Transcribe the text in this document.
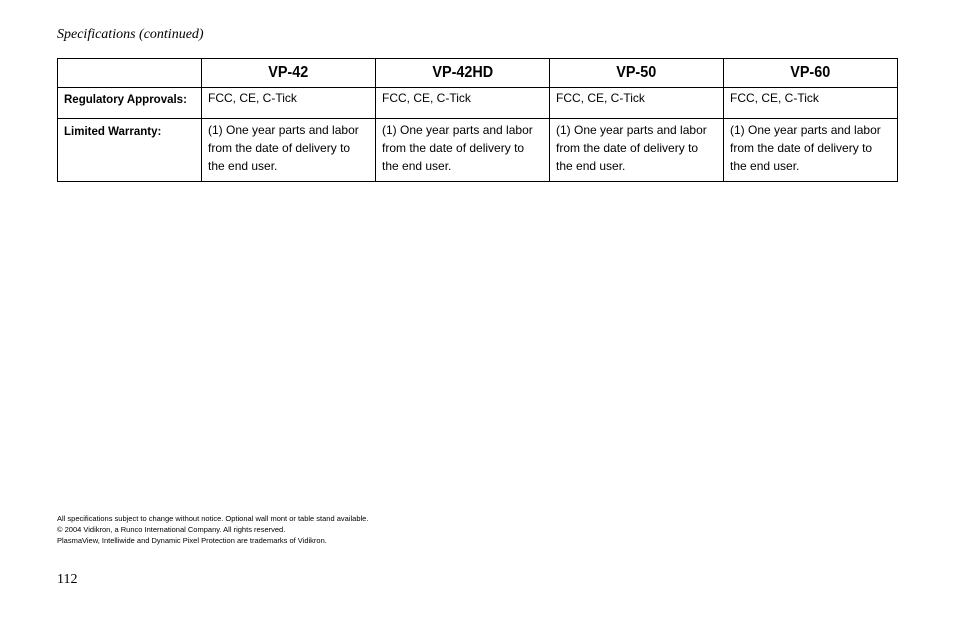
Specifications (continued)

	VP-42	VP-42HD	VP-50	VP-60
Regulatory Approvals:	FCC, CE, C-Tick	FCC, CE, C-Tick	FCC, CE, C-Tick	FCC, CE, C-Tick
Limited Warranty:	(1) One year parts and labor from the date of delivery to the end user.	(1) One year parts and labor from the date of delivery to the end user.	(1) One year parts and labor from the date of delivery to the end user.	(1) One year parts and labor from the date of delivery to the end user.
All specifications subject to change without notice. Optional wall mont or table stand available.
© 2004 Vidikron, a Runco International Company. All rights reserved.
PlasmaView, Intelliwide and Dynamic Pixel Protection are trademarks of Vidikron.
112
